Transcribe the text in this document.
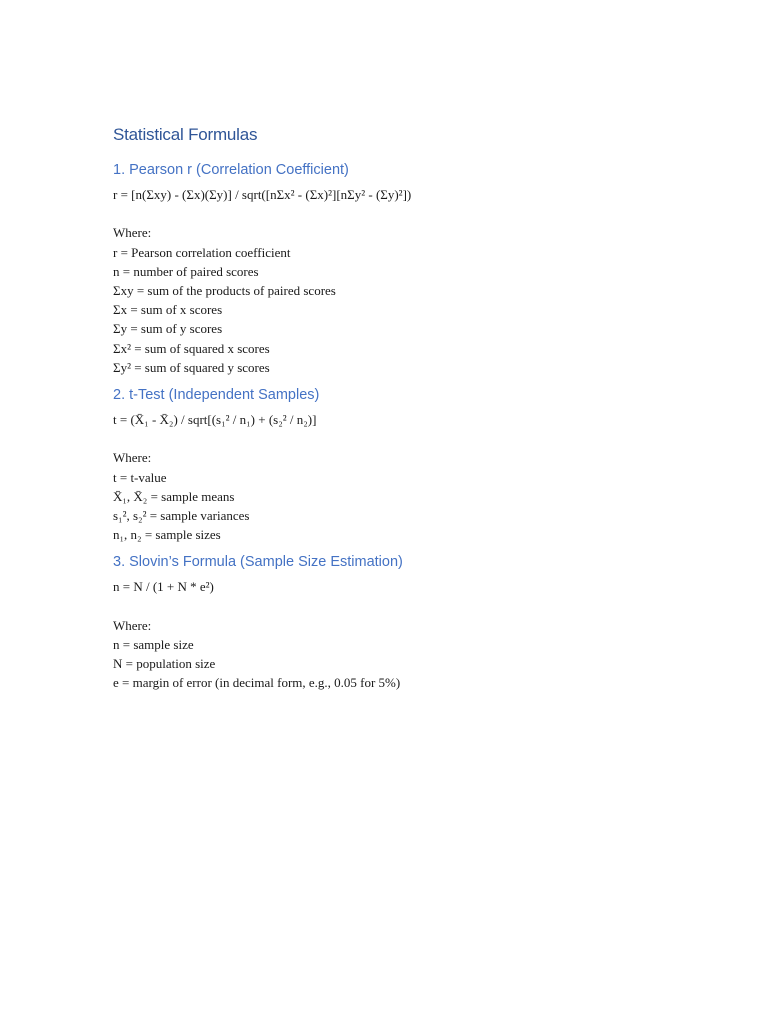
Statistical Formulas
1. Pearson r (Correlation Coefficient)

r = [n(Σxy) - (Σx)(Σy)] / sqrt([nΣx² - (Σx)²][nΣy² - (Σy)²])

Where:

r = Pearson correlation coefficient

n = number of paired scores

Σxy = sum of the products of paired scores

Σx = sum of x scores

Σy = sum of y scores

Σx² = sum of squared x scores

Σy² = sum of squared y scores

2. t-Test (Independent Samples)

t = (X̄₁ - X̄₂) / sqrt[(s₁² / n₁) + (s₂² / n₂)]

Where:

t = t-value

X̄₁, X̄₂ = sample means

s₁², s₂² = sample variances

n₁, n₂ = sample sizes

3. Slovin’s Formula (Sample Size Estimation)

n = N / (1 + N * e²)

Where:

n = sample size

N = population size

e = margin of error (in decimal form, e.g., 0.05 for 5%)
